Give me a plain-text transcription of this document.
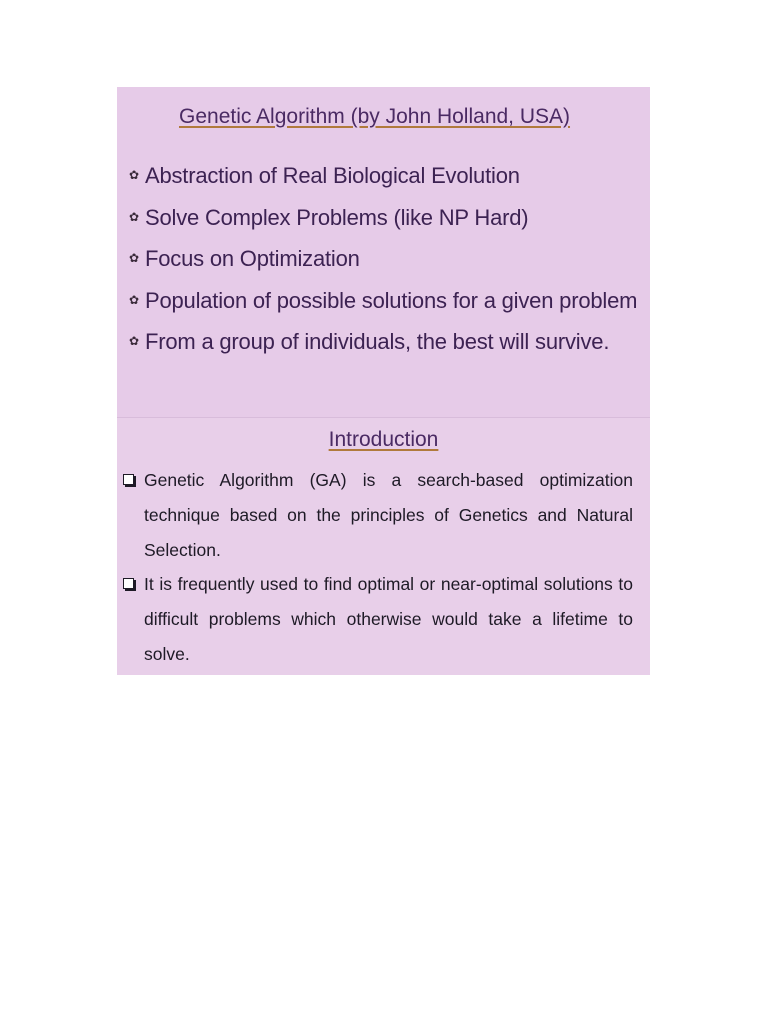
Genetic Algorithm (by John Holland, USA)
✿ Abstraction of Real Biological Evolution
✿ Solve Complex Problems (like NP Hard)
✿ Focus on Optimization
✿ Population of possible solutions for a given problem
✿ From a group of individuals, the best will survive.
Introduction
Genetic Algorithm (GA) is a search-based optimization technique based on the principles of Genetics and Natural Selection.
It is frequently used to find optimal or near-optimal solutions to difficult problems which otherwise would take a lifetime to solve.
